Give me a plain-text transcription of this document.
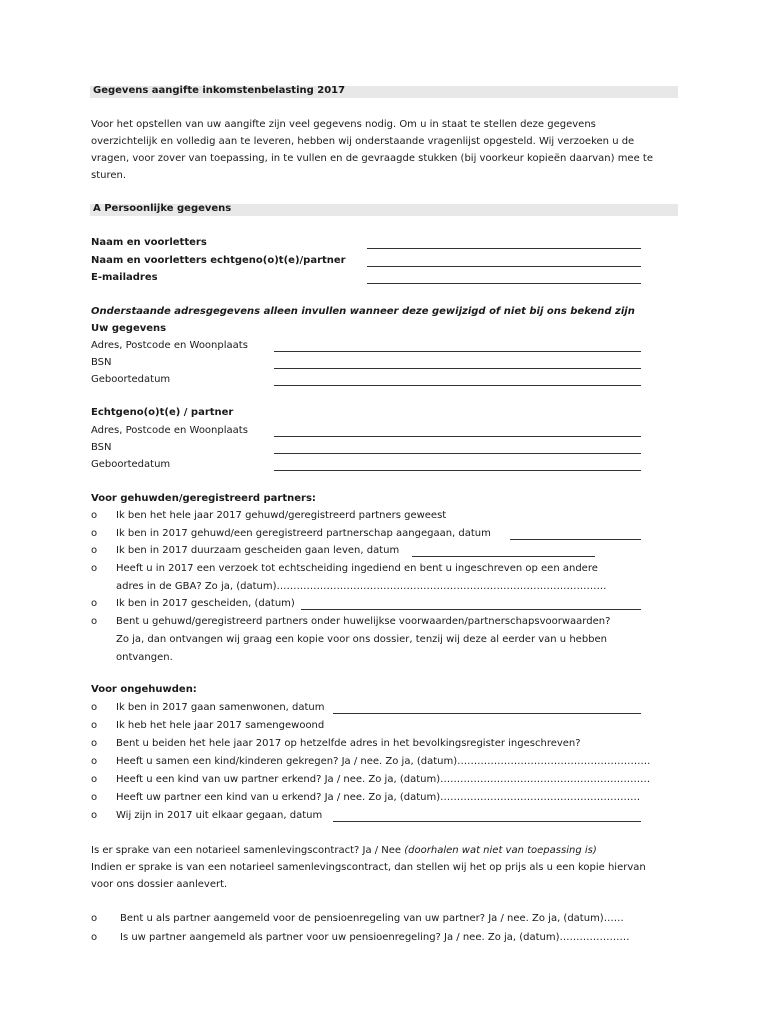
Gegevens aangifte inkomstenbelasting 2017
Voor het opstellen van uw aangifte zijn veel gegevens nodig. Om u in staat te stellen deze gegevens
overzichtelijk en volledig aan te leveren, hebben wij onderstaande vragenlijst opgesteld. Wij verzoeken u de
vragen, voor zover van toepassing, in te vullen en de gevraagde stukken (bij voorkeur kopieën daarvan) mee te
sturen.
A Persoonlijke gegevens
Naam en voorletters
Naam en voorletters echtgeno(o)t(e)/partner
E-mailadres
Onderstaande adresgegevens alleen invullen wanneer deze gewijzigd of niet bij ons bekend zijn
Uw gegevens
Adres, Postcode en Woonplaats
BSN
Geboortedatum
Echtgeno(o)t(e) / partner
Adres, Postcode en Woonplaats
BSN
Geboortedatum
Voor gehuwden/geregistreerd partners:
o Ik ben het hele jaar 2017 gehuwd/geregistreerd partners geweest
o Ik ben in 2017 gehuwd/een geregistreerd partnerschap aangegaan, datum
o Ik ben in 2017 duurzaam gescheiden gaan leven, datum
o Heeft u in 2017 een verzoek tot echtscheiding ingediend en bent u ingeschreven op een andere
adres in de GBA? Zo ja, (datum)………………………………………………………………………………………
o Ik ben in 2017 gescheiden, (datum)
o Bent u gehuwd/geregistreerd partners onder huwelijkse voorwaarden/partnerschapsvoorwaarden?
Zo ja, dan ontvangen wij graag een kopie voor ons dossier, tenzij wij deze al eerder van u hebben
ontvangen.
Voor ongehuwden:
o Ik ben in 2017 gaan samenwonen, datum
o Ik heb het hele jaar 2017 samengewoond
o Bent u beiden het hele jaar 2017 op hetzelfde adres in het bevolkingsregister ingeschreven?
o Heeft u samen een kind/kinderen gekregen? Ja / nee. Zo ja, (datum)………………………………………………….
o Heeft u een kind van uw partner erkend? Ja / nee. Zo ja, (datum)………………………………………………………
o Heeft uw partner een kind van u erkend? Ja / nee. Zo ja, (datum)……………………………………………………
o Wij zijn in 2017 uit elkaar gegaan, datum
Is er sprake van een notarieel samenlevingscontract? Ja / Nee (doorhalen wat niet van toepassing is)
Indien er sprake is van een notarieel samenlevingscontract, dan stellen wij het op prijs als u een kopie hiervan
voor ons dossier aanlevert.
o Bent u als partner aangemeld voor de pensioenregeling van uw partner? Ja / nee. Zo ja, (datum)……
o Is uw partner aangemeld als partner voor uw pensioenregeling? Ja / nee. Zo ja, (datum)…………………
